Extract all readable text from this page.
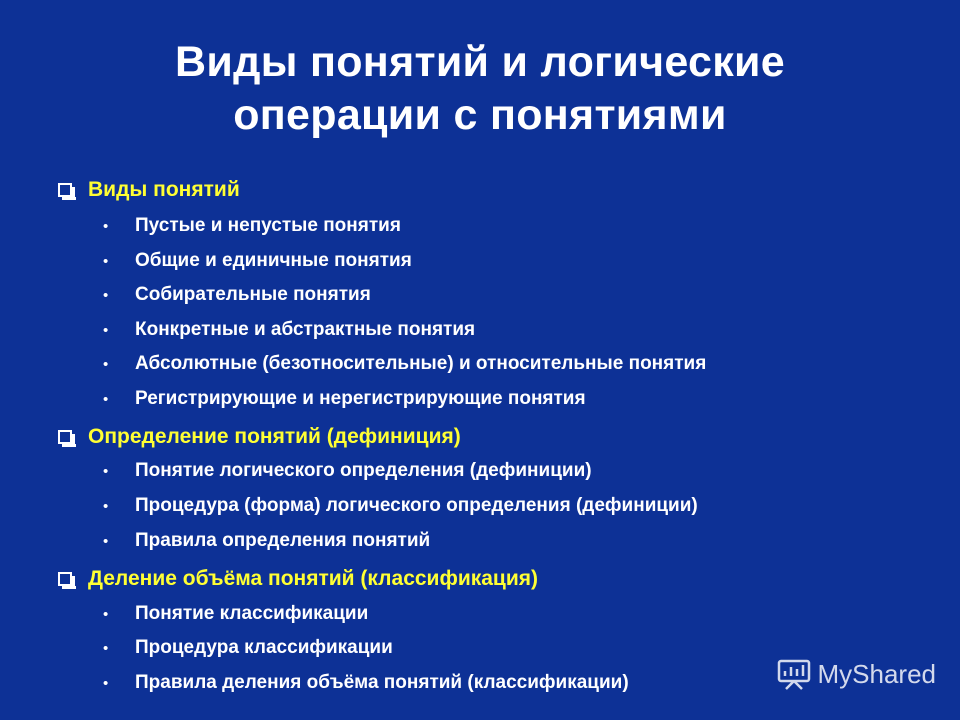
Виды понятий и логические
операции с понятиями
Виды понятий
•	Пустые и непустые понятия
•	Общие и единичные понятия
•	Собирательные понятия
•	Конкретные и абстрактные понятия
•	Абсолютные (безотносительные) и относительные понятия
•	Регистрирующие и нерегистрирующие понятия
Определение понятий (дефиниция)
•	Понятие логического определения (дефиниции)
•	Процедура (форма) логического определения (дефиниции)
•	Правила определения понятий
Деление объёма понятий (классификация)
•	Понятие классификации
•	Процедура классификации
•	Правила деления объёма понятий (классификации)	MyShared
